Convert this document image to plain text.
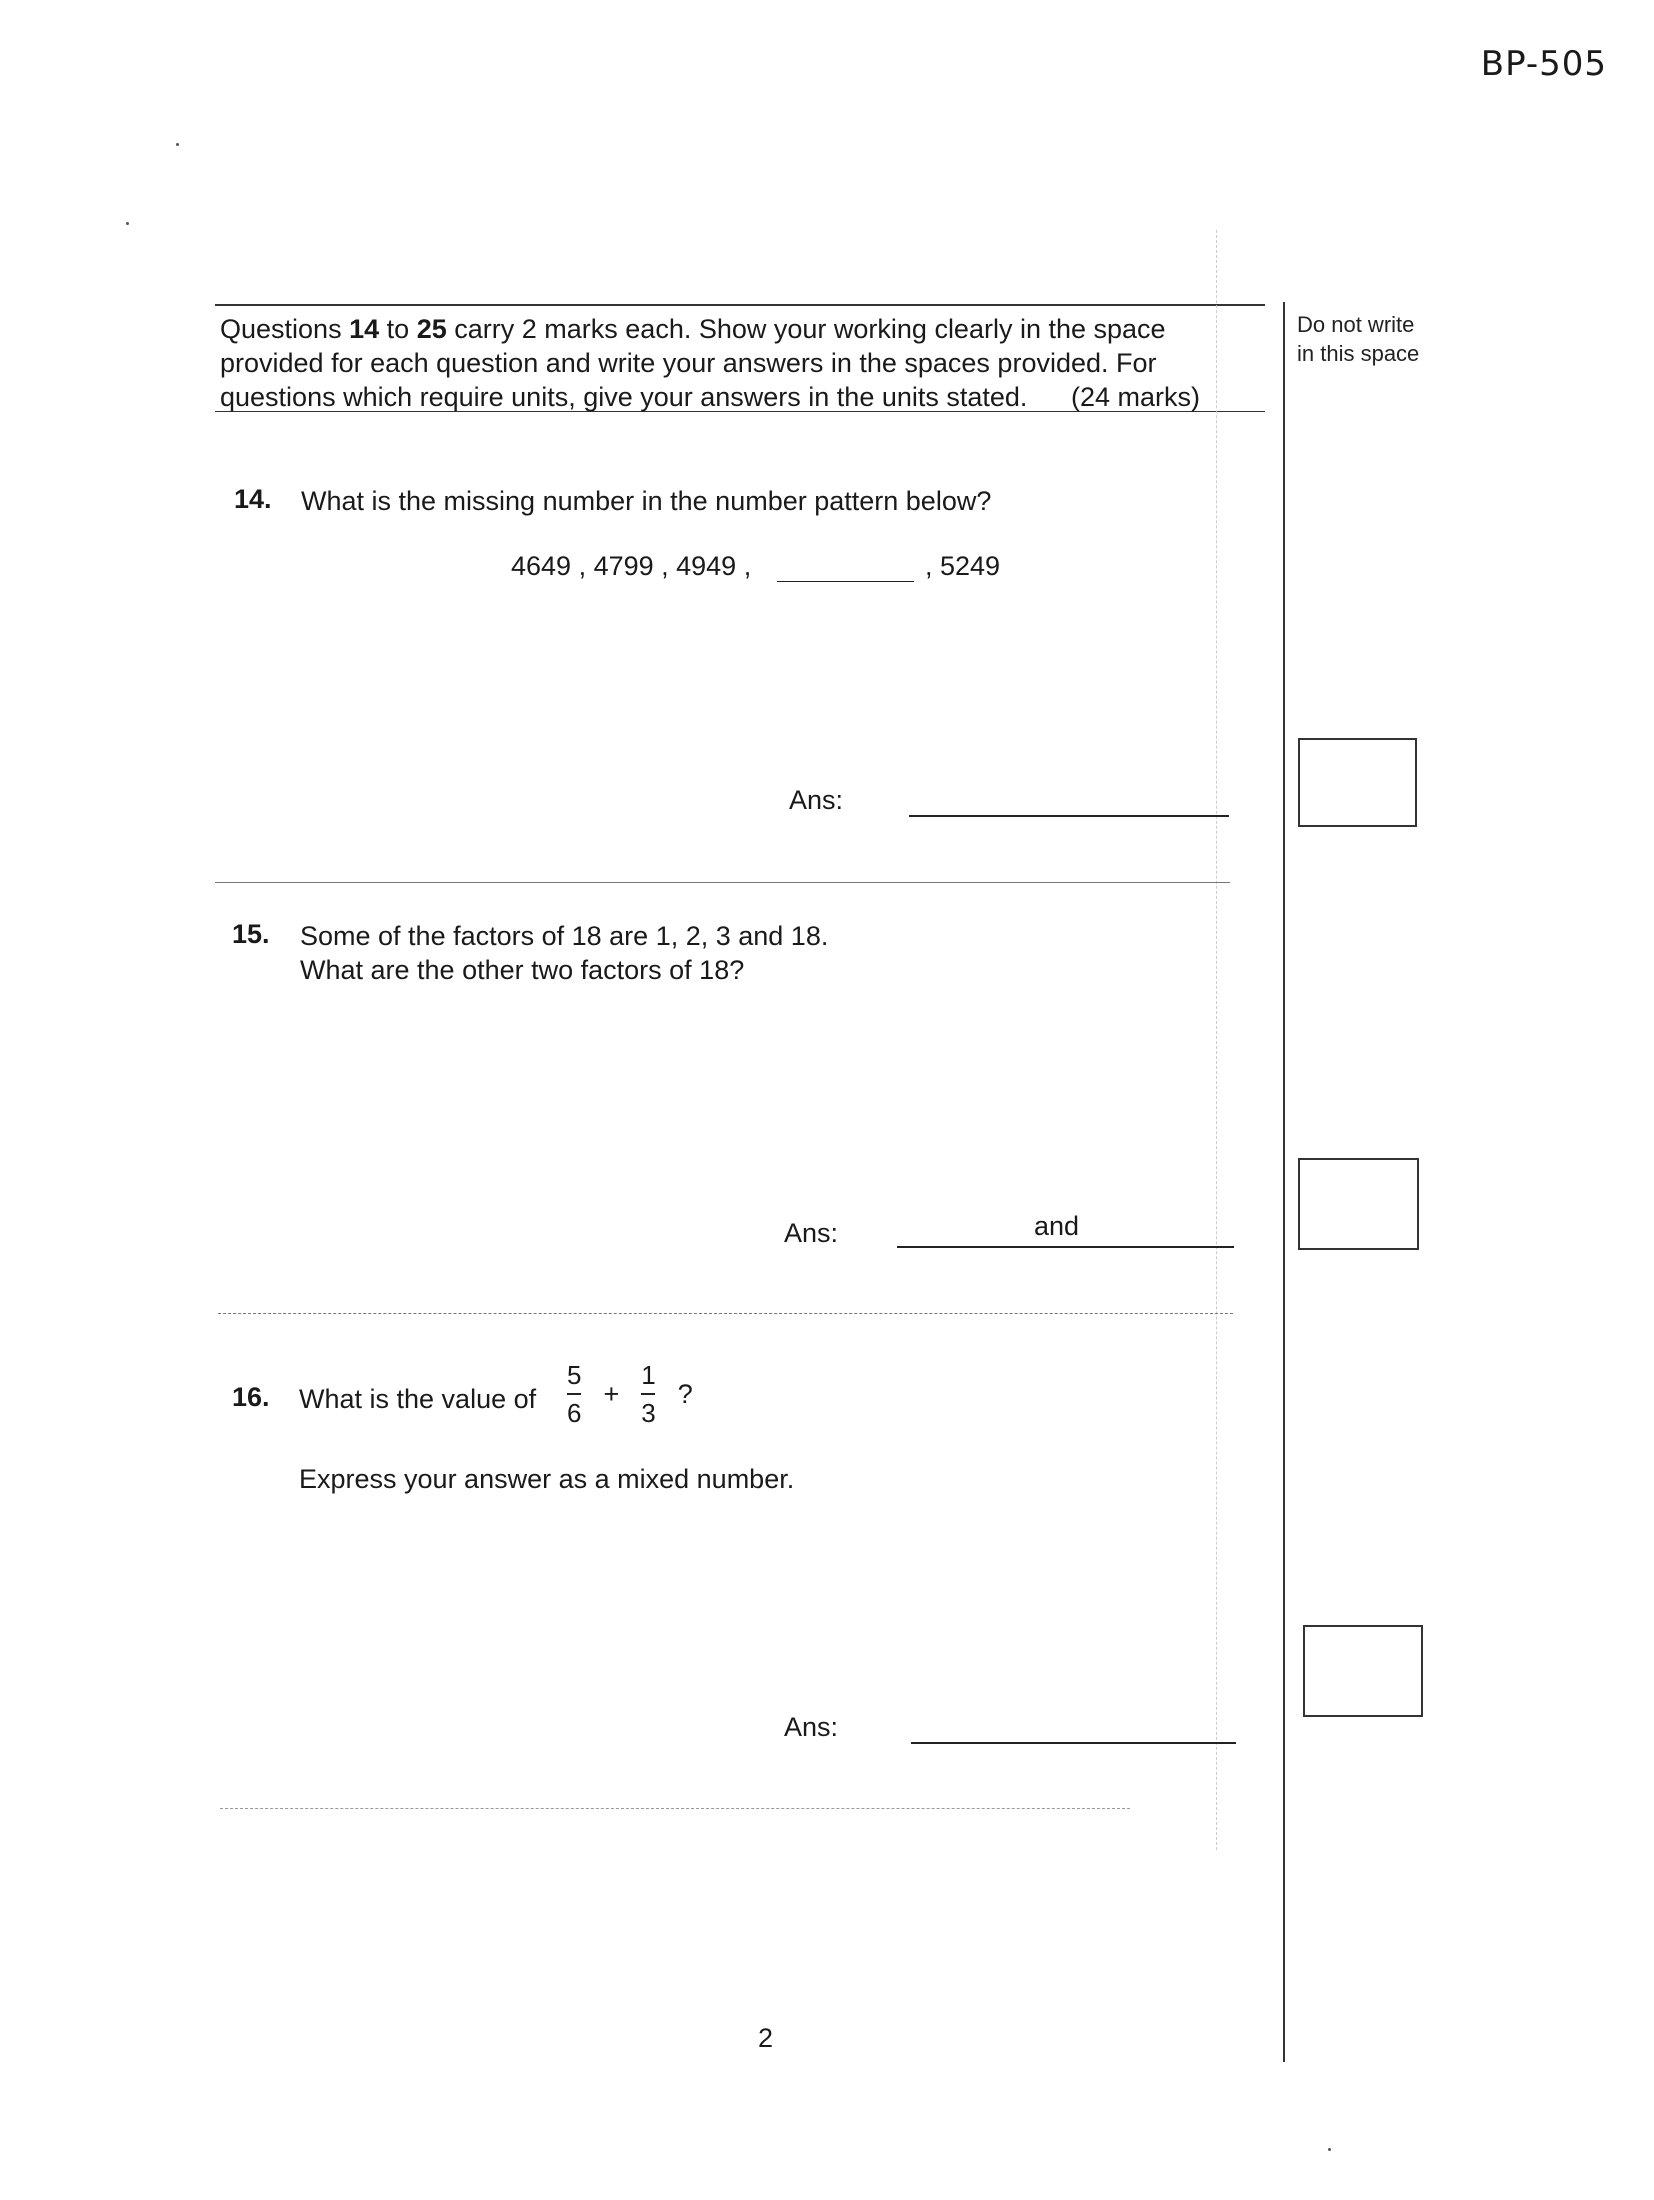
BP-505

Questions 14 to 25 carry 2 marks each. Show your working clearly in the space

provided for each question and write your answers in the spaces provided. For

questions which require units, give your answers in the units stated. (24 marks)

Do not write
in this space
14. What is the missing number in the number pattern below?
4649 , 4799 , 4949 ,	, 5249
Ans:
15. Some of the factors of 18 are 1, 2, 3 and 18.
What are the other two factors of 18?
Ans:	and
16. What is the value of $\frac{5}{6} + \frac{1}{3}$ ?
Express your answer as a mixed number.
Ans:
2
